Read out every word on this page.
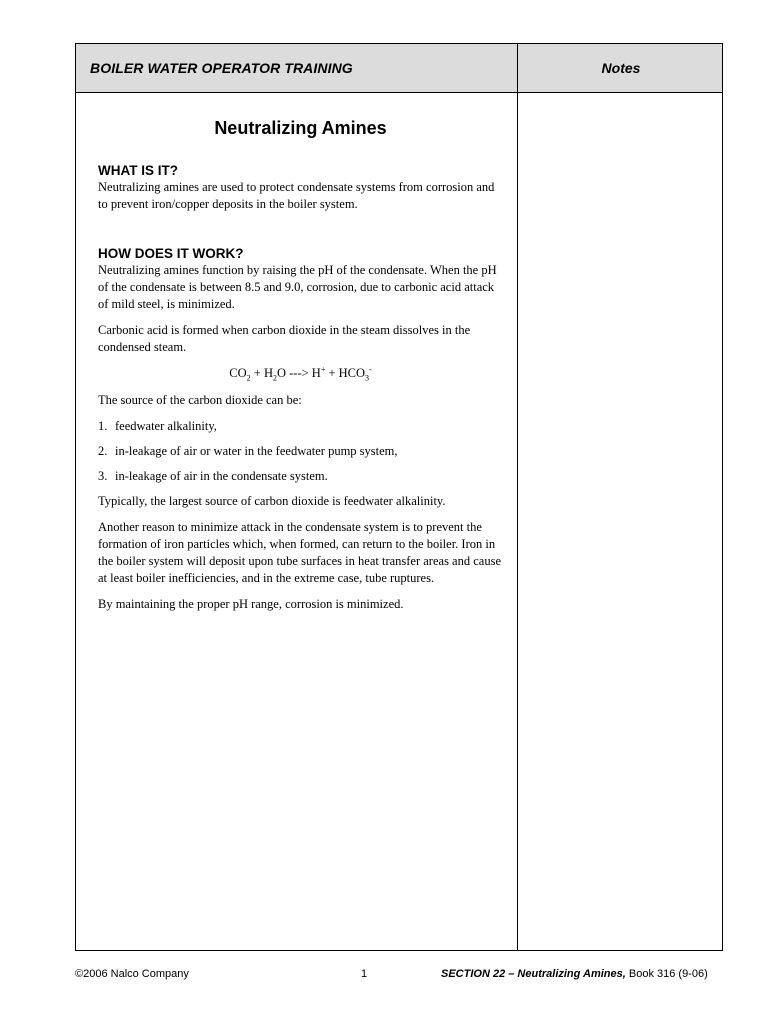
BOILER WATER OPERATOR TRAINING	Notes
Neutralizing Amines
WHAT IS IT?

Neutralizing amines are used to protect condensate systems from corrosion and to prevent iron/copper deposits in the boiler system.

HOW DOES IT WORK?

Neutralizing amines function by raising the pH of the condensate. When the pH of the condensate is between 8.5 and 9.0, corrosion, due to carbonic acid attack of mild steel, is minimized.

Carbonic acid is formed when carbon dioxide in the steam dissolves in the condensed steam.

$CO_2 + H_2O$ ---> $H^+ + HCO_3^-$

The source of the carbon dioxide can be:

1. feedwater alkalinity,
2. in-leakage of air or water in the feedwater pump system,
3. in-leakage of air in the condensate system.

Typically, the largest source of carbon dioxide is feedwater alkalinity.

Another reason to minimize attack in the condensate system is to prevent the formation of iron particles which, when formed, can return to the boiler. Iron in the boiler system will deposit upon tube surfaces in heat transfer areas and cause at least boiler inefficiencies, and in the extreme case, tube ruptures.

By maintaining the proper pH range, corrosion is minimized.

©2006 Nalco Company	1	SECTION 22 – Neutralizing Amines, Book 316 (9-06)
